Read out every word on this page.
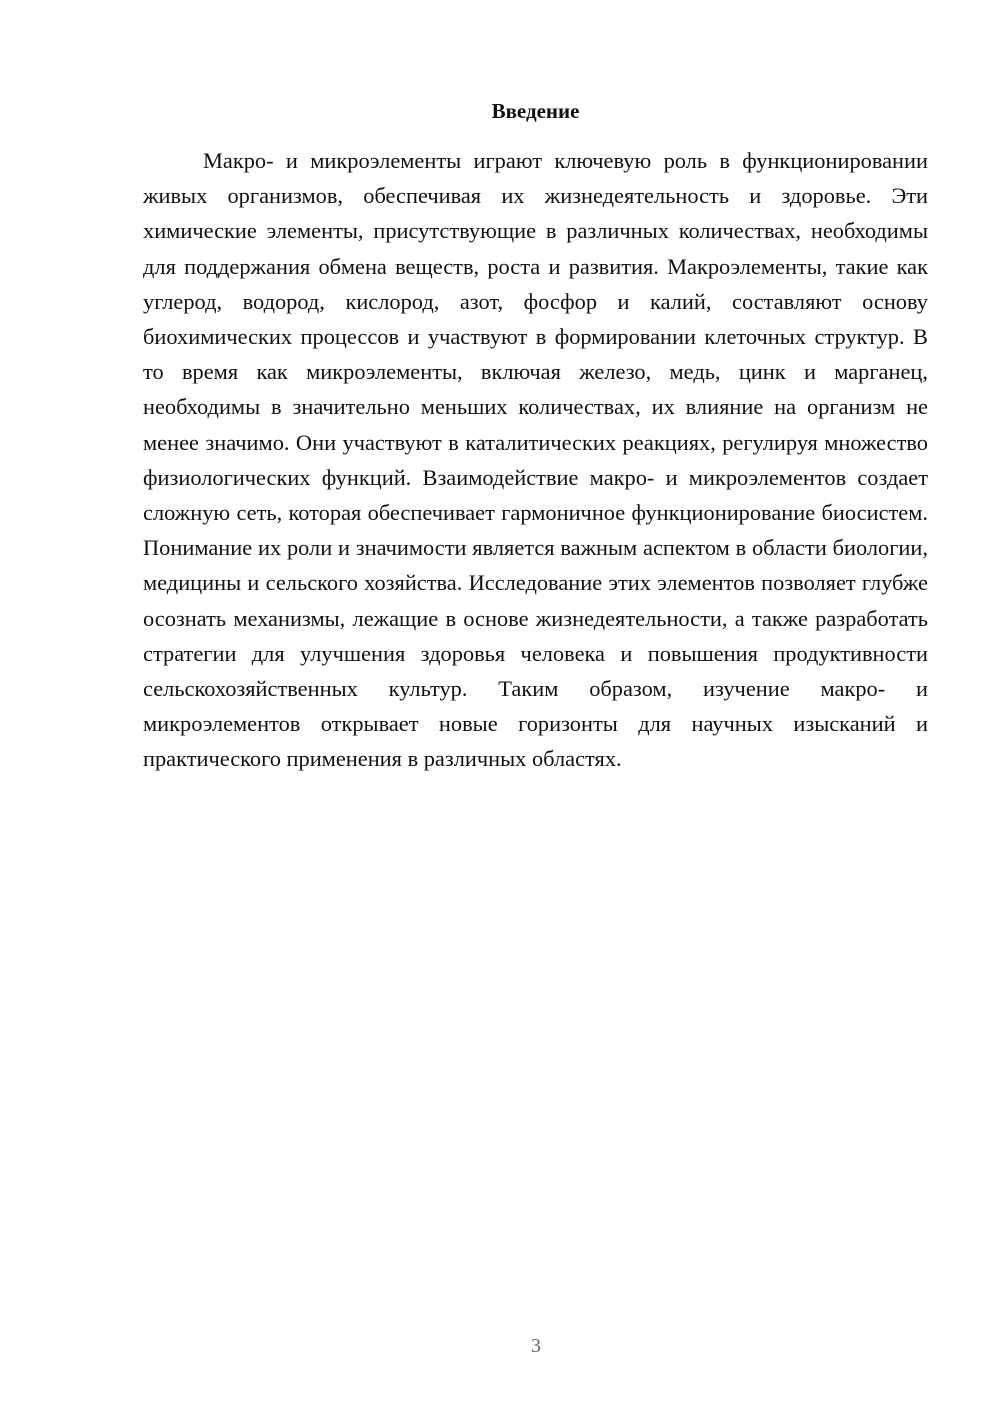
Введение

Макро- и микроэлементы играют ключевую роль в функционировании живых организмов, обеспечивая их жизнедеятельность и здоровье. Эти химические элементы, присутствующие в различных количествах, необходимы для поддержания обмена веществ, роста и развития. Макроэлементы, такие как углерод, водород, кислород, азот, фосфор и калий, составляют основу биохимических процессов и участвуют в формировании клеточных структур. В то время как микроэлементы, включая железо, медь, цинк и марганец, необходимы в значительно меньших количествах, их влияние на организм не менее значимо. Они участвуют в каталитических реакциях, регулируя множество физиологических функций. Взаимодействие макро- и микроэлементов создает сложную сеть, которая обеспечивает гармоничное функционирование биосистем. Понимание их роли и значимости является важным аспектом в области биологии, медицины и сельского хозяйства. Исследование этих элементов позволяет глубже осознать механизмы, лежащие в основе жизнедеятельности, а также разработать стратегии для улучшения здоровья человека и повышения продуктивности сельскохозяйственных культур. Таким образом, изучение макро- и микроэлементов открывает новые горизонты для научных изысканий и практического применения в различных областях.

3
